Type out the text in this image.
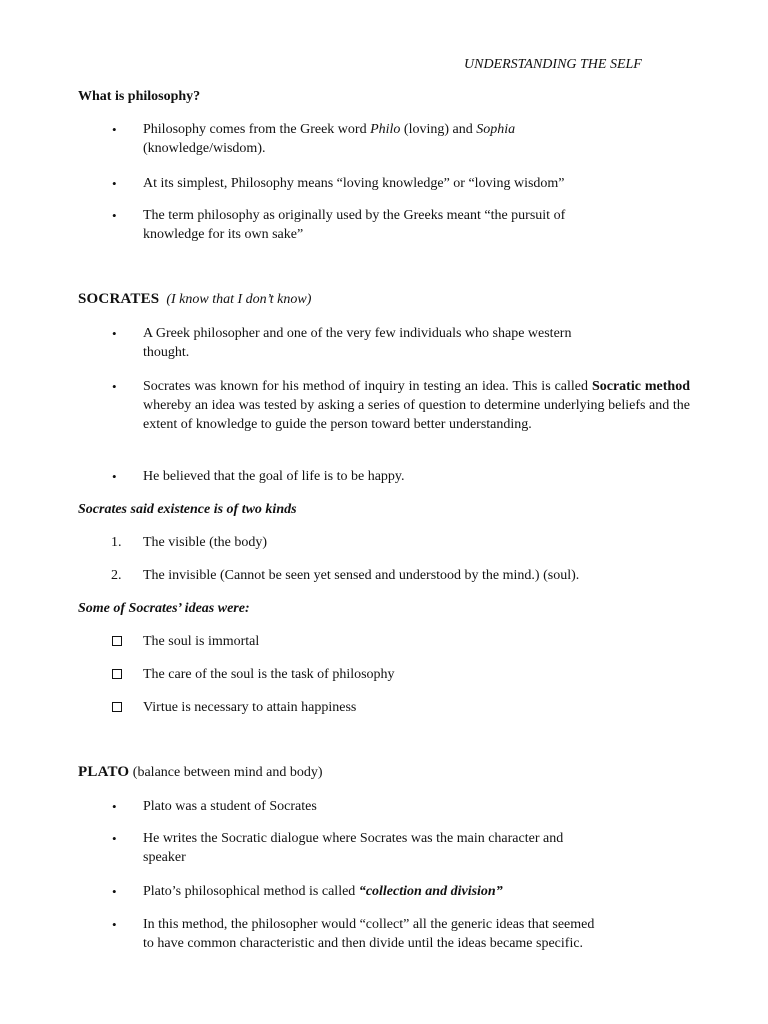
UNDERSTANDING THE SELF
What is philosophy?
•	Philosophy comes from the Greek word Philo (loving) and Sophia
(knowledge/wisdom).
•	At its simplest, Philosophy means “loving knowledge” or “loving wisdom”
•	The term philosophy as originally used by the Greeks meant “the pursuit of
knowledge for its own sake”
SOCRATES (I know that I don’t know)
•	A Greek philosopher and one of the very few individuals who shape western
thought.
•	Socrates was known for his method of inquiry in testing an idea. This is called Socratic method whereby an idea was tested by asking a series of question to determine underlying beliefs and the extent of knowledge to guide the person toward better understanding.
•	He believed that the goal of life is to be happy.
Socrates said existence is of two kinds
1.	The visible (the body)
2.	The invisible (Cannot be seen yet sensed and understood by the mind.) (soul).
Some of Socrates’ ideas were:
The soul is immortal
The care of the soul is the task of philosophy
Virtue is necessary to attain happiness
PLATO (balance between mind and body)
•	Plato was a student of Socrates
•	He writes the Socratic dialogue where Socrates was the main character and
speaker
•	Plato’s philosophical method is called “collection and division”
•	In this method, the philosopher would “collect” all the generic ideas that seemed
to have common characteristic and then divide until the ideas became specific.
